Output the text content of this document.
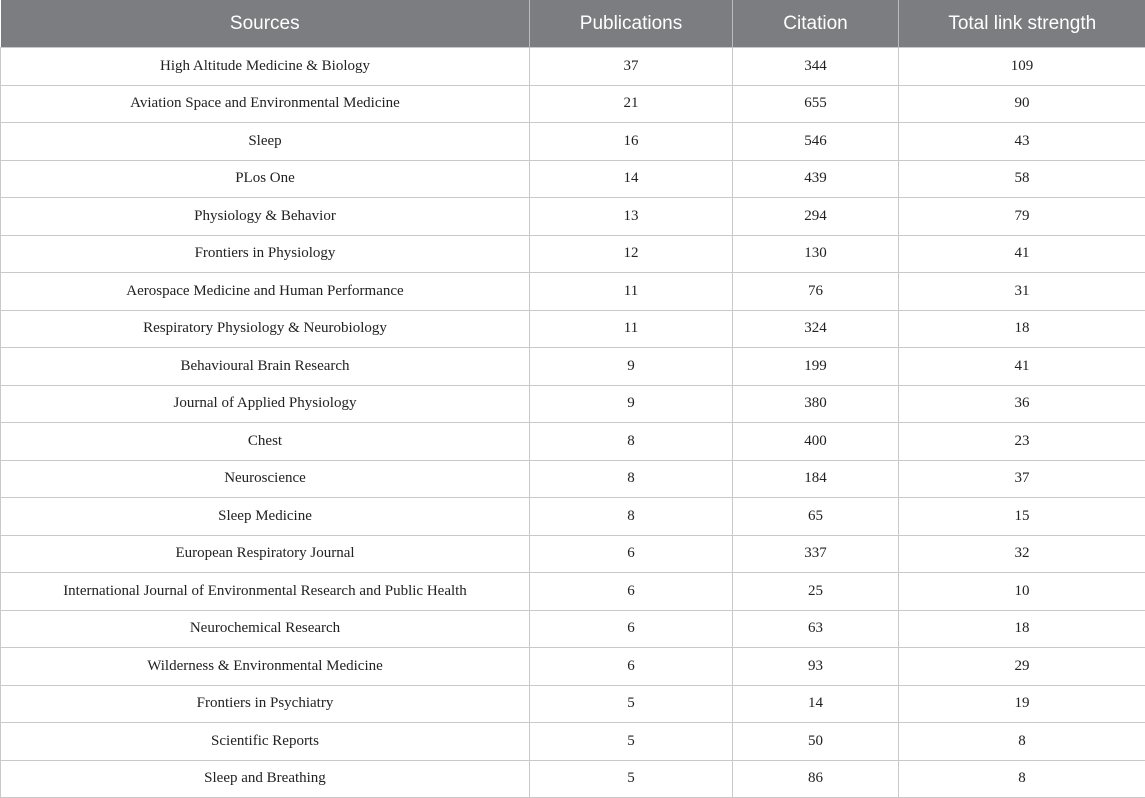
Sources	Publications	Citation	Total link strength
High Altitude Medicine & Biology	37	344	109
Aviation Space and Environmental Medicine	21	655	90
Sleep	16	546	43
PLos One	14	439	58
Physiology & Behavior	13	294	79
Frontiers in Physiology	12	130	41
Aerospace Medicine and Human Performance	11	76	31
Respiratory Physiology & Neurobiology	11	324	18
Behavioural Brain Research	9	199	41
Journal of Applied Physiology	9	380	36
Chest	8	400	23
Neuroscience	8	184	37
Sleep Medicine	8	65	15
European Respiratory Journal	6	337	32
International Journal of Environmental Research and Public Health	6	25	10
Neurochemical Research	6	63	18
Wilderness & Environmental Medicine	6	93	29
Frontiers in Psychiatry	5	14	19
Scientific Reports	5	50	8
Sleep and Breathing	5	86	8
